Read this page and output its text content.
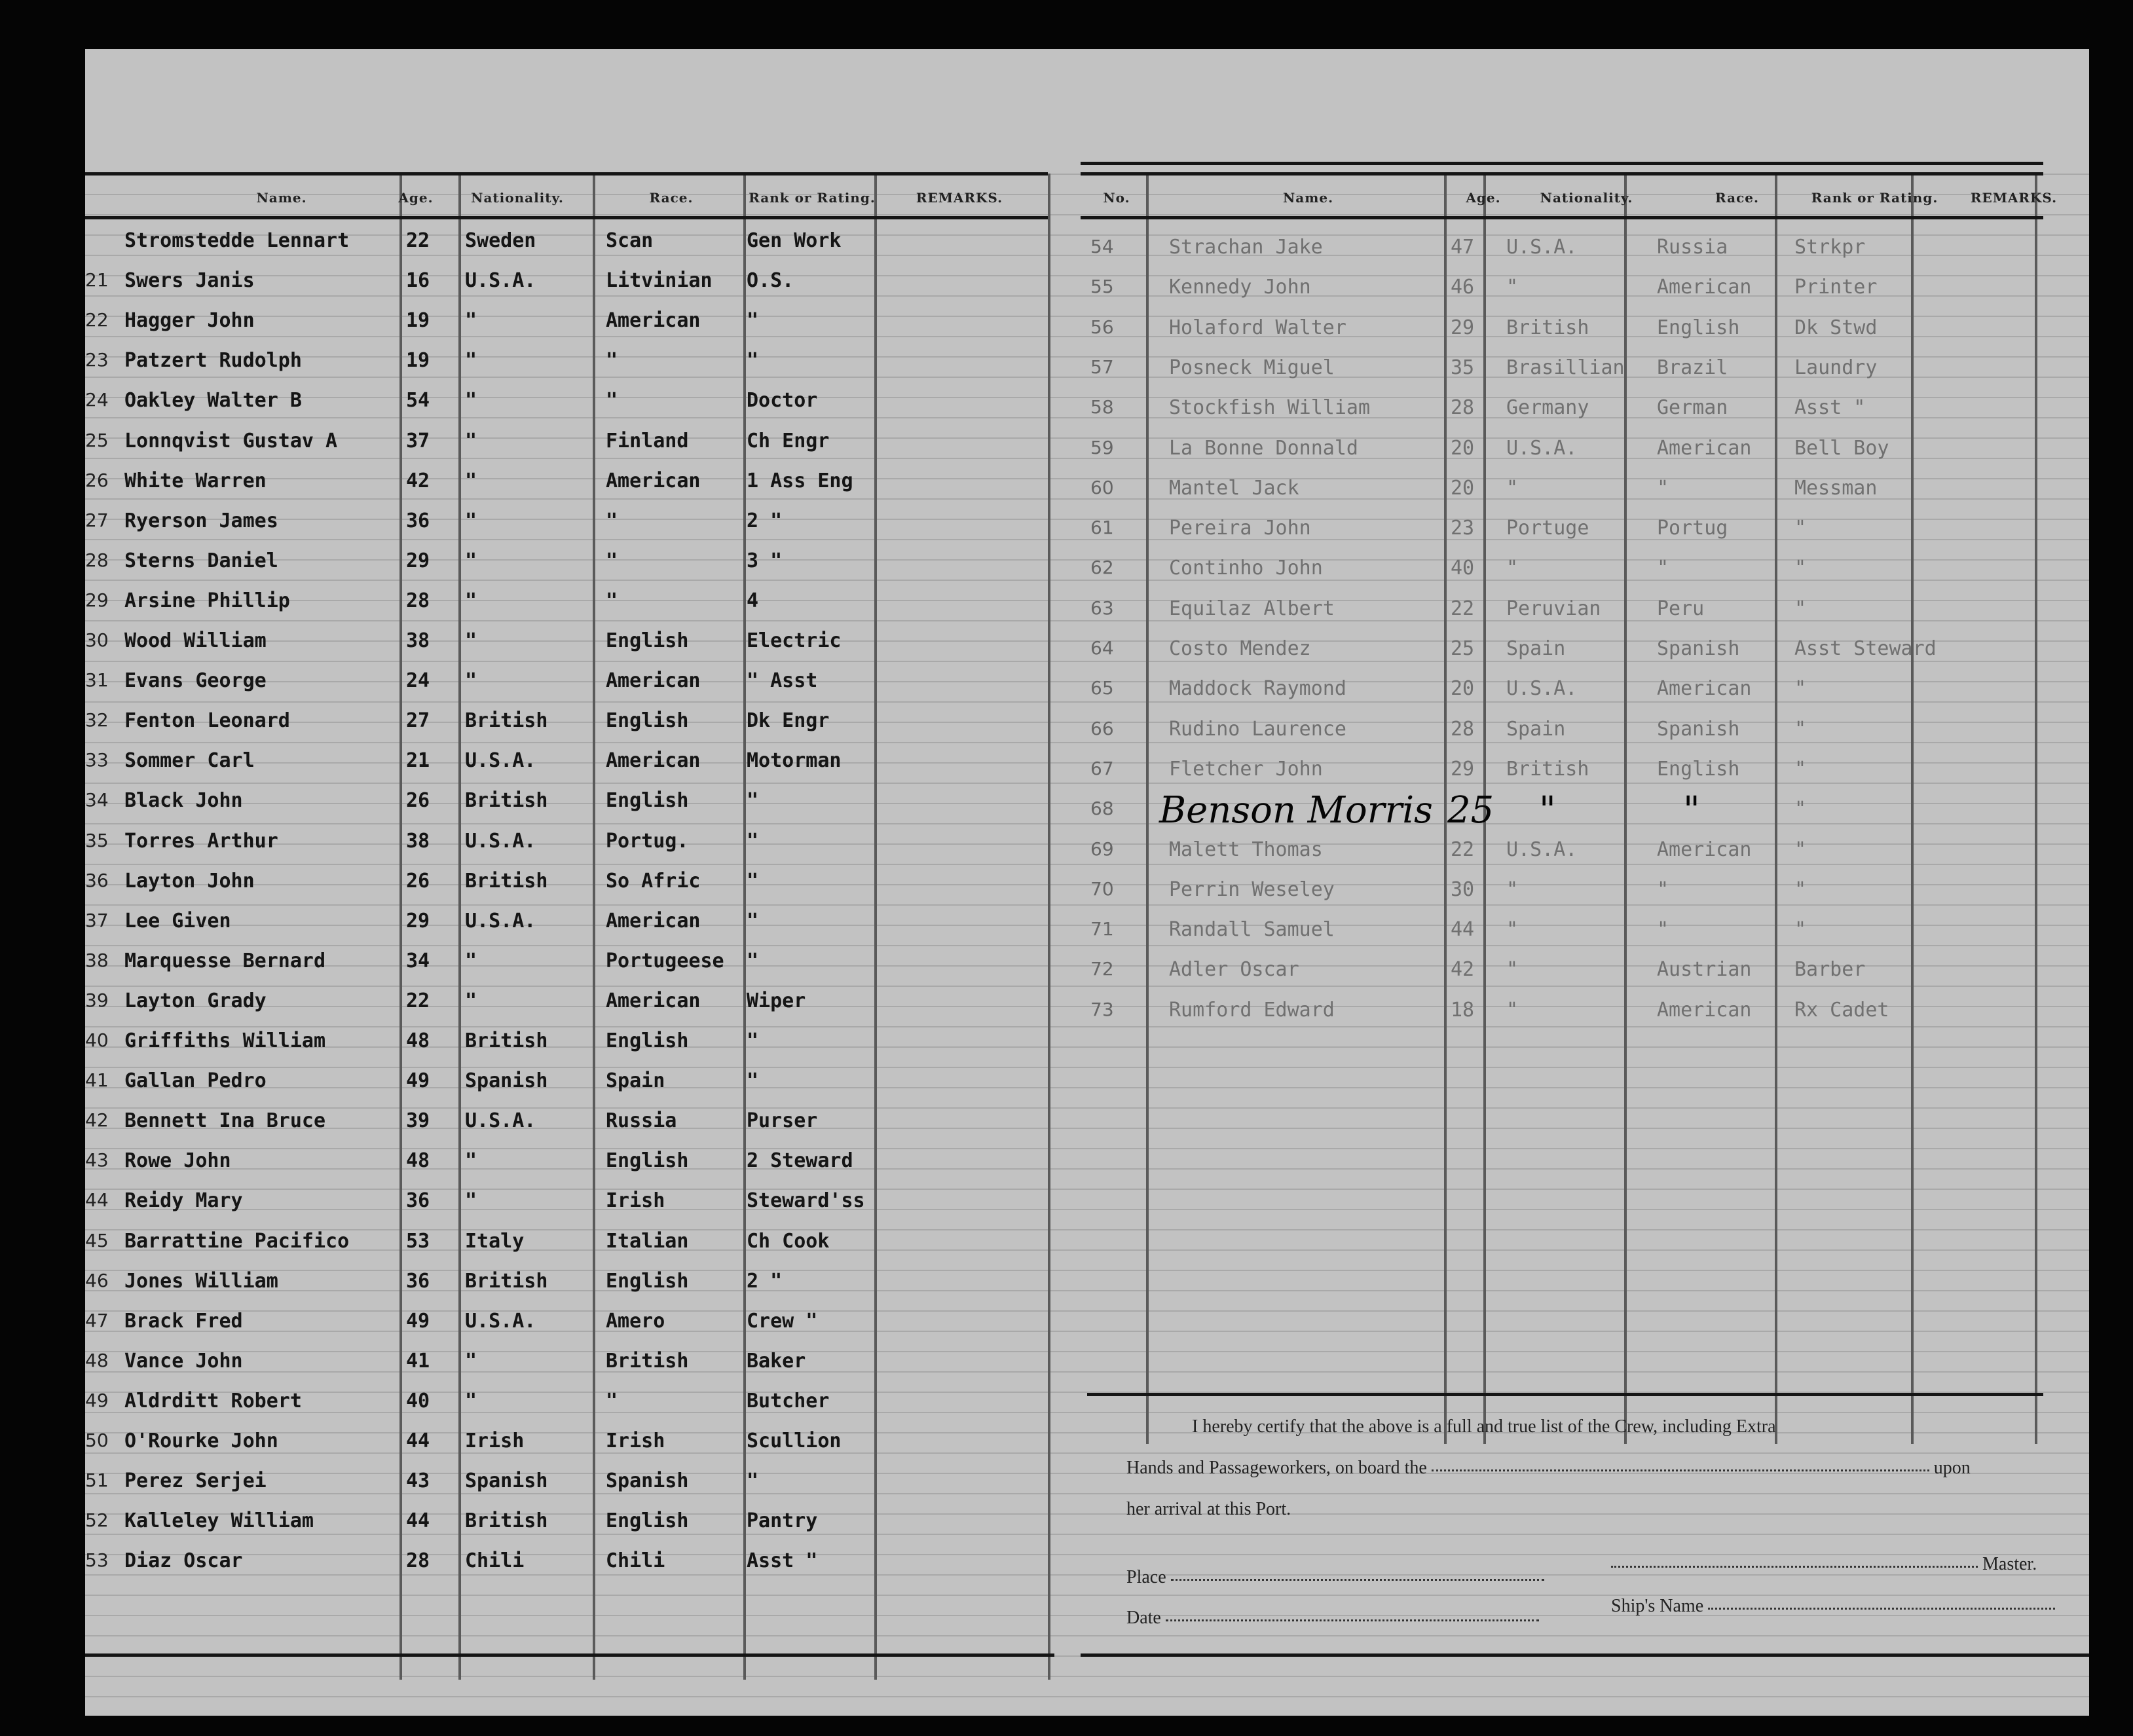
Name.	Age.	Nationality.	Race.	Rank or Rating.	REMARKS.	No.	Name.	Age.	Nationality.	Race.	Rank or Rating.	REMARKS.
Stromstedde Lennart	22 Sweden	Scan	Gen Work
21 Swers Janis	16 U.S.A.	Litvinian O.S.
22 Hagger John	19 "	American "
23 Patzert Rudolph	19 "	"	"
24 Oakley Walter B	54 "	"	Doctor
25 Lonnqvist Gustav A	37 "	Finland	Ch Engr
26 White Warren	42 "	American 1 Ass Eng
27 Ryerson James	36 "	"	2 "
28 Sterns Daniel	29 "	"	3 "
29 Arsine Phillip	28 "	"	4
30 Wood William	38 "	English	Electric
31 Evans George	24 "	American " Asst
32 Fenton Leonard	27 British	English	Dk Engr
33 Sommer Carl	21 U.S.A.	American Motorman
34 Black John	26 British	English	"
35 Torres Arthur	38 U.S.A.	Portug.	"
36 Layton John	26 British	So Afric "
37 Lee Given	29 U.S.A.	American "
38 Marquesse Bernard	34 "	Portugeese "
39 Layton Grady	22 "	American Wiper
40 Griffiths William	48 British	English	"
41 Gallan Pedro	49 Spanish	Spain	"
42 Bennett Ina Bruce	39 U.S.A.	Russia	Purser
43 Rowe John	48 "	English	2 Steward
44 Reidy Mary	36 "	Irish	Steward'ss
45 Barrattine Pacifico	53 Italy	Italian	Ch Cook
46 Jones William	36 British	English	2 "
47 Brack Fred	49 U.S.A.	Amero	Crew "
48 Vance John	41 "	British	Baker
49 Aldrditt Robert	40 "	"	Butcher
50 O'Rourke John	44 Irish	Irish	Scullion
51 Perez Serjei	43 Spanish	Spanish	"
52 Kalleley William	44 British	English	Pantry
53 Diaz Oscar	28 Chili	Chili	Asst "
54	Strachan Jake	47 U.S.A.	Russia	Strkpr
55	Kennedy John	46 "	American Printer
56	Holaford Walter	29 British	English	Dk Stwd
57	Posneck Miguel	35 Brasillian Brazil	Laundry
58	Stockfish William	28 Germany	German	Asst "
59	La Bonne Donnald	20 U.S.A.	American Bell Boy
60	Mantel Jack	20 "	"	Messman
61	Pereira John	23 Portuge	Portug	"
62	Continho John	40 "	"	"
63	Equilaz Albert	22 Peruvian	Peru	"
64	Costo Mendez	25 Spain	Spanish	Asst Steward
65	Maddock Raymond	20 U.S.A.	American "
66	Rudino Laurence	28 Spain	Spanish	"
67	Fletcher John	29 British	English	"
68	"
69	Malett Thomas	22 U.S.A.	American "
70	Perrin Weseley	30 "	"	"
71	Randall Samuel	44 "	"	"
72	Adler Oscar	42 "	Austrian Barber
73	Rumford Edward	18 "	American Rx Cadet
Benson Morris 25 "	"
I hereby certify that the above is a full and true list of the Crew, including Extra
Hands and Passageworkers, on board the	upon
her arrival at this Port.
Place
Master.
Date
Ship's Name
